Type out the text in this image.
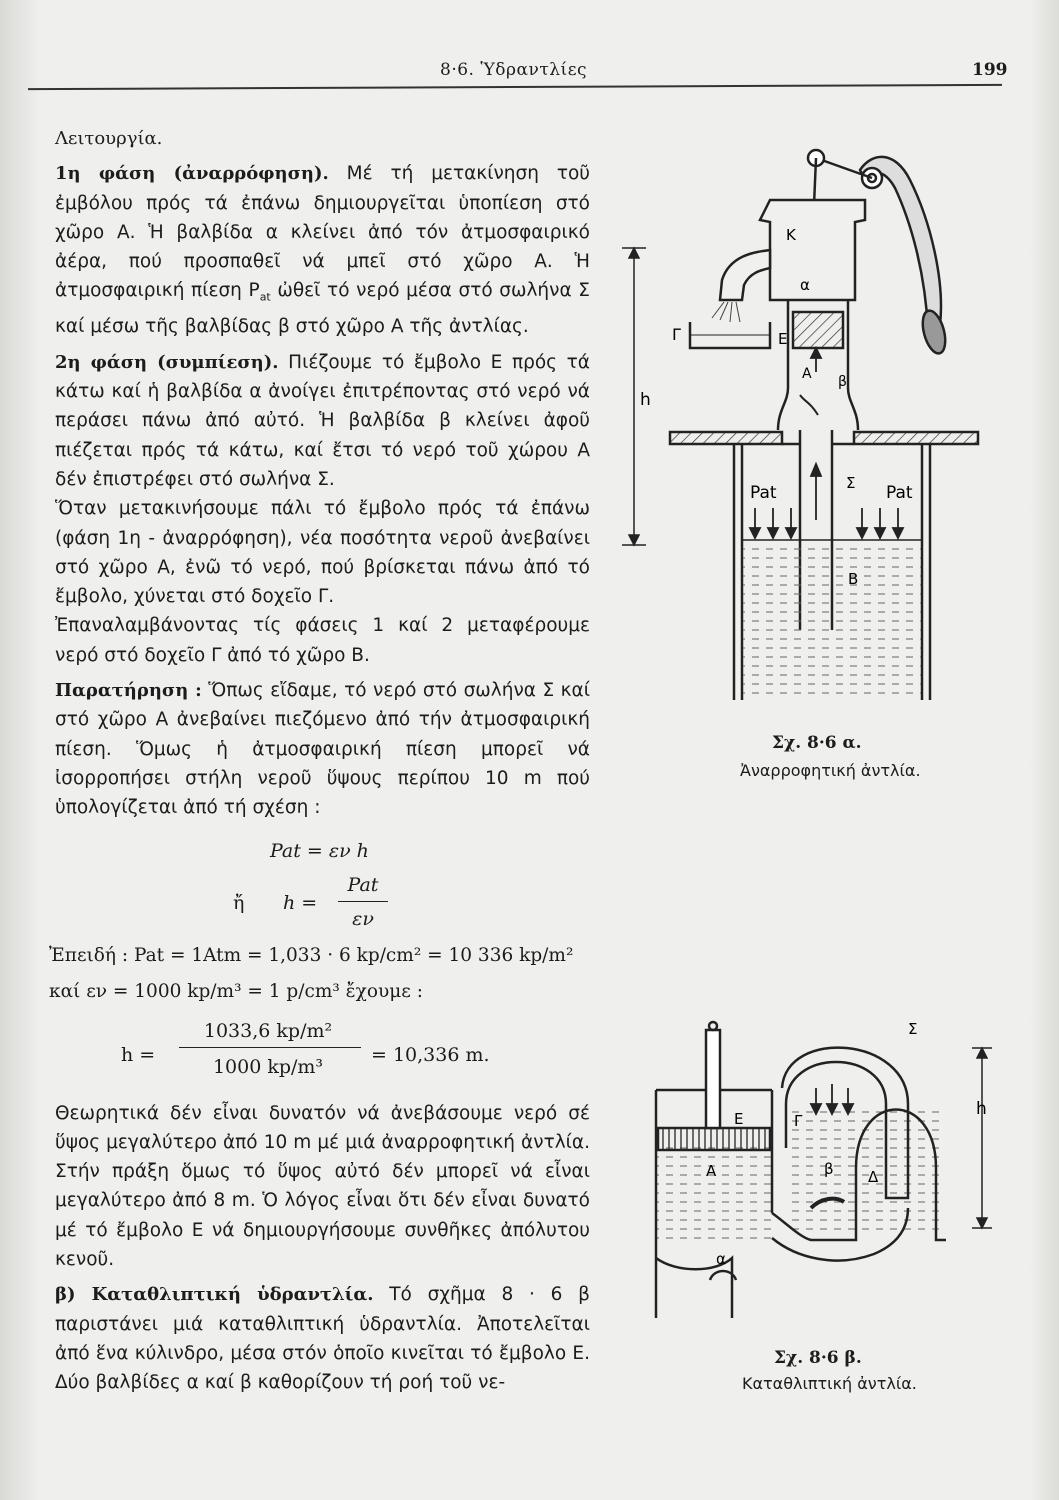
8·6. Ὑδραντλίες	199
Λειτουργία.

1η φάση (ἀναρρόφηση). Μέ τή μετακίνηση τοῦ ἐμβόλου πρός τά ἐπάνω δημιουργεῖται ὑποπίεση στό χῶρο Α. Ἡ βαλβίδα α κλείνει ἀπό τόν ἀτμοσφαιρικό ἀέρα, πού προσπαθεῖ νά μπεῖ στό χῶρο Α. Ἡ ἀτμοσφαιρική πίεση $P_{at}$ ὠθεῖ τό νερό μέσα στό σωλήνα Σ καί μέσω τῆς βαλβίδας β στό χῶρο Α τῆς ἀντλίας.

2η φάση (συμπίεση). Πιέζουμε τό ἔμβολο Ε πρός τά κάτω καί ἡ βαλβίδα α ἀνοίγει ἐπιτρέποντας στό νερό νά περάσει πάνω ἀπό αὐτό. Ἡ βαλβίδα β κλείνει ἀφοῦ πιέζεται πρός τά κάτω, καί ἔτσι τό νερό τοῦ χώρου Α δέν ἐπιστρέφει στό σωλήνα Σ.

Ὅταν μετακινήσουμε πάλι τό ἔμβολο πρός τά ἐπάνω (φάση 1η - ἀναρρόφηση), νέα ποσότητα νεροῦ ἀνεβαίνει στό χῶρο Α, ἐνῶ τό νερό, πού βρίσκεται πάνω ἀπό τό ἔμβολο, χύνεται στό δοχεῖο Γ.

Ἐπαναλαμβάνοντας τίς φάσεις 1 καί 2 μεταφέρουμε νερό στό δοχεῖο Γ ἀπό τό χῶρο Β.

Παρατήρηση : Ὅπως εἴδαμε, τό νερό στό σωλήνα Σ καί στό χῶρο Α ἀνεβαίνει πιεζόμενο ἀπό τήν ἀτμοσφαιρική πίεση. Ὅμως ἡ ἀτμοσφαιρική πίεση μπορεῖ νά ἰσορροπήσει στήλη νεροῦ ὕψους περίπου 10 m πού ὑπολογίζεται ἀπό τή σχέση :

Pat = εν h
ἤ h =
Pat
εν
Ἐπειδή : Pat = 1Atm = 1,033 · 6 kp/cm² = 10 336 kp/m²
καί εν = 1000 kp/m³ = 1 p/cm³ ἔχουμε :
h =
1033,6 kp/m²
1000 kp/m³
= 10,336 m.

Θεωρητικά δέν εἶναι δυνατόν νά ἀνεβάσουμε νερό σέ ὕψος μεγαλύτερο ἀπό 10 m μέ μιά ἀναρροφητική ἀντλία. Στήν πράξη ὅμως τό ὕψος αὐτό δέν μπορεῖ νά εἶναι μεγαλύτερο ἀπό 8 m. Ὁ λόγος εἶναι ὅτι δέν εἶναι δυνατό μέ τό ἔμβολο Ε νά δημιουργήσουμε συνθῆκες ἀπόλυτου κενοῦ.

β) Καταθλιπτική ὑδραντλία. Τό σχῆμα 8 · 6 β παριστάνει μιά καταθλιπτική ὑδραντλία. Ἀποτελεῖται ἀπό ἕνα κύλινδρο, μέσα στόν ὁποῖο κινεῖται τό ἔμβολο Ε. Δύο βαλβίδες α καί β καθορίζουν τή ροή τοῦ νε-

K
α
Γ	E
A β
h
Pat	Σ Pat
B
Σχ. 8·6 α.
Ἀναρροφητική ἀντλία.
Σ
Γ
E	h
A	β Δ
α
Σχ. 8·6 β.
Καταθλιπτική ἀντλία.
